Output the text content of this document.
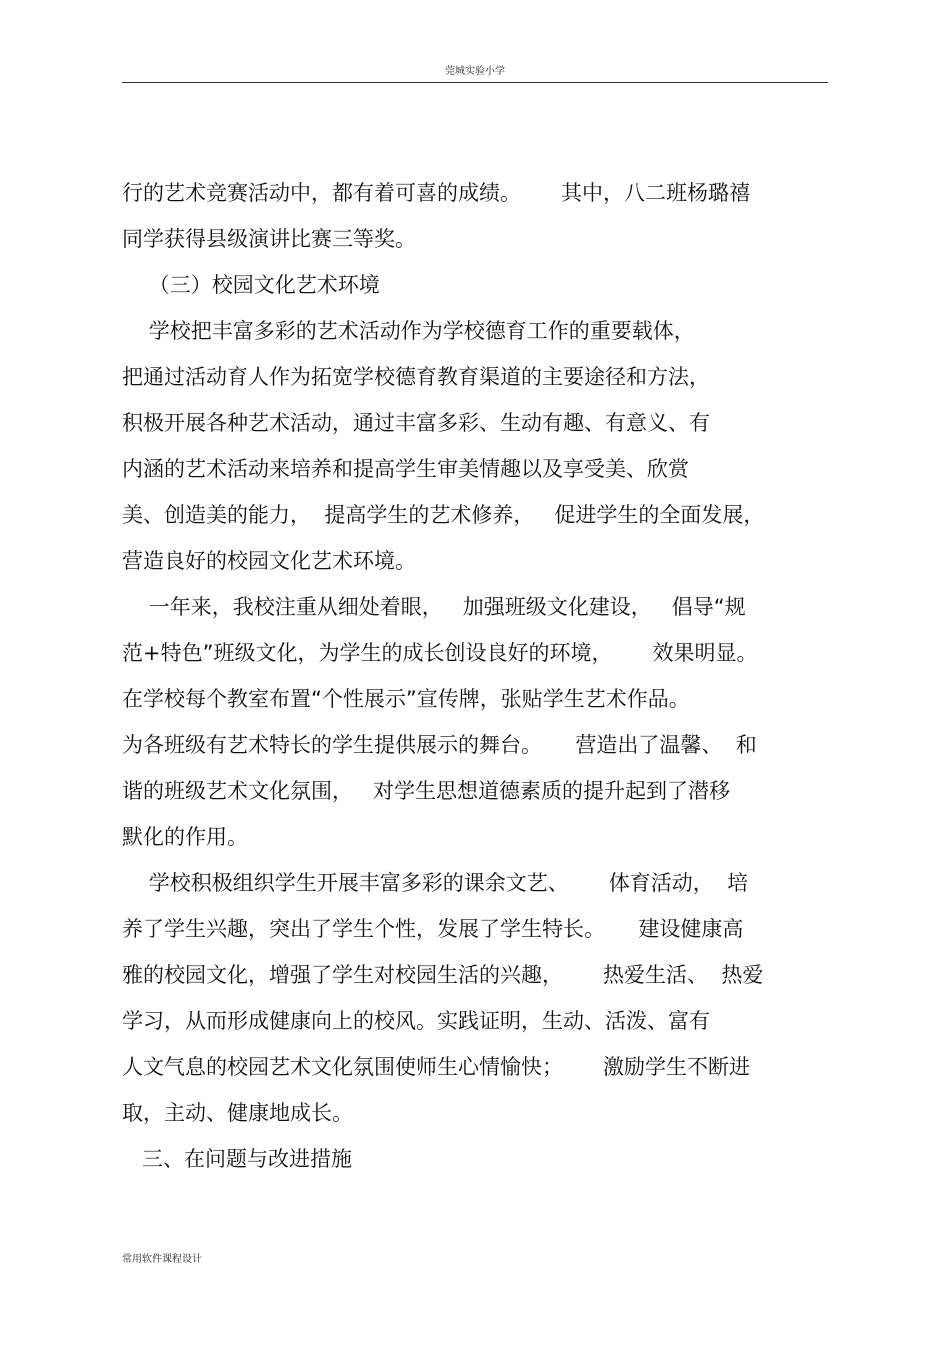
莞城实验小学
行的艺术竞赛活动中，都有着可喜的成绩。      其中，八二班杨璐禧
同学获得县级演讲比赛三等奖。
（三）校园文化艺术环境
学校把丰富多彩的艺术活动作为学校德育工作的重要载体，
把通过活动育人作为拓宽学校德育教育渠道的主要途径和方法，
积极开展各种艺术活动，通过丰富多彩、生动有趣、有意义、有
内涵的艺术活动来培养和提高学生审美情趣以及享受美、欣赏
美、创造美的能力，  提高学生的艺术修养，   促进学生的全面发展，
营造良好的校园文化艺术环境。
一年来，我校注重从细处着眼，   加强班级文化建设，   倡导“规
范+特色”班级文化，为学生的成长创设良好的环境，      效果明显。
在学校每个教室布置“个性展示”宣传牌，张贴学生艺术作品。
为各班级有艺术特长的学生提供展示的舞台。     营造出了温馨、  和
谐的班级艺术文化氛围，   对学生思想道德素质的提升起到了潜移
默化的作用。
学校积极组织学生开展丰富多彩的课余文艺、      体育活动，  培
养了学生兴趣，突出了学生个性，发展了学生特长。     建设健康高
雅的校园文化，增强了学生对校园生活的兴趣，      热爱生活、  热爱
学习，从而形成健康向上的校风。实践证明，生动、活泼、富有
人文气息的校园艺术文化氛围使师生心情愉快；      激励学生不断进
取，主动、健康地成长。
三、在问题与改进措施
常用软件课程设计
